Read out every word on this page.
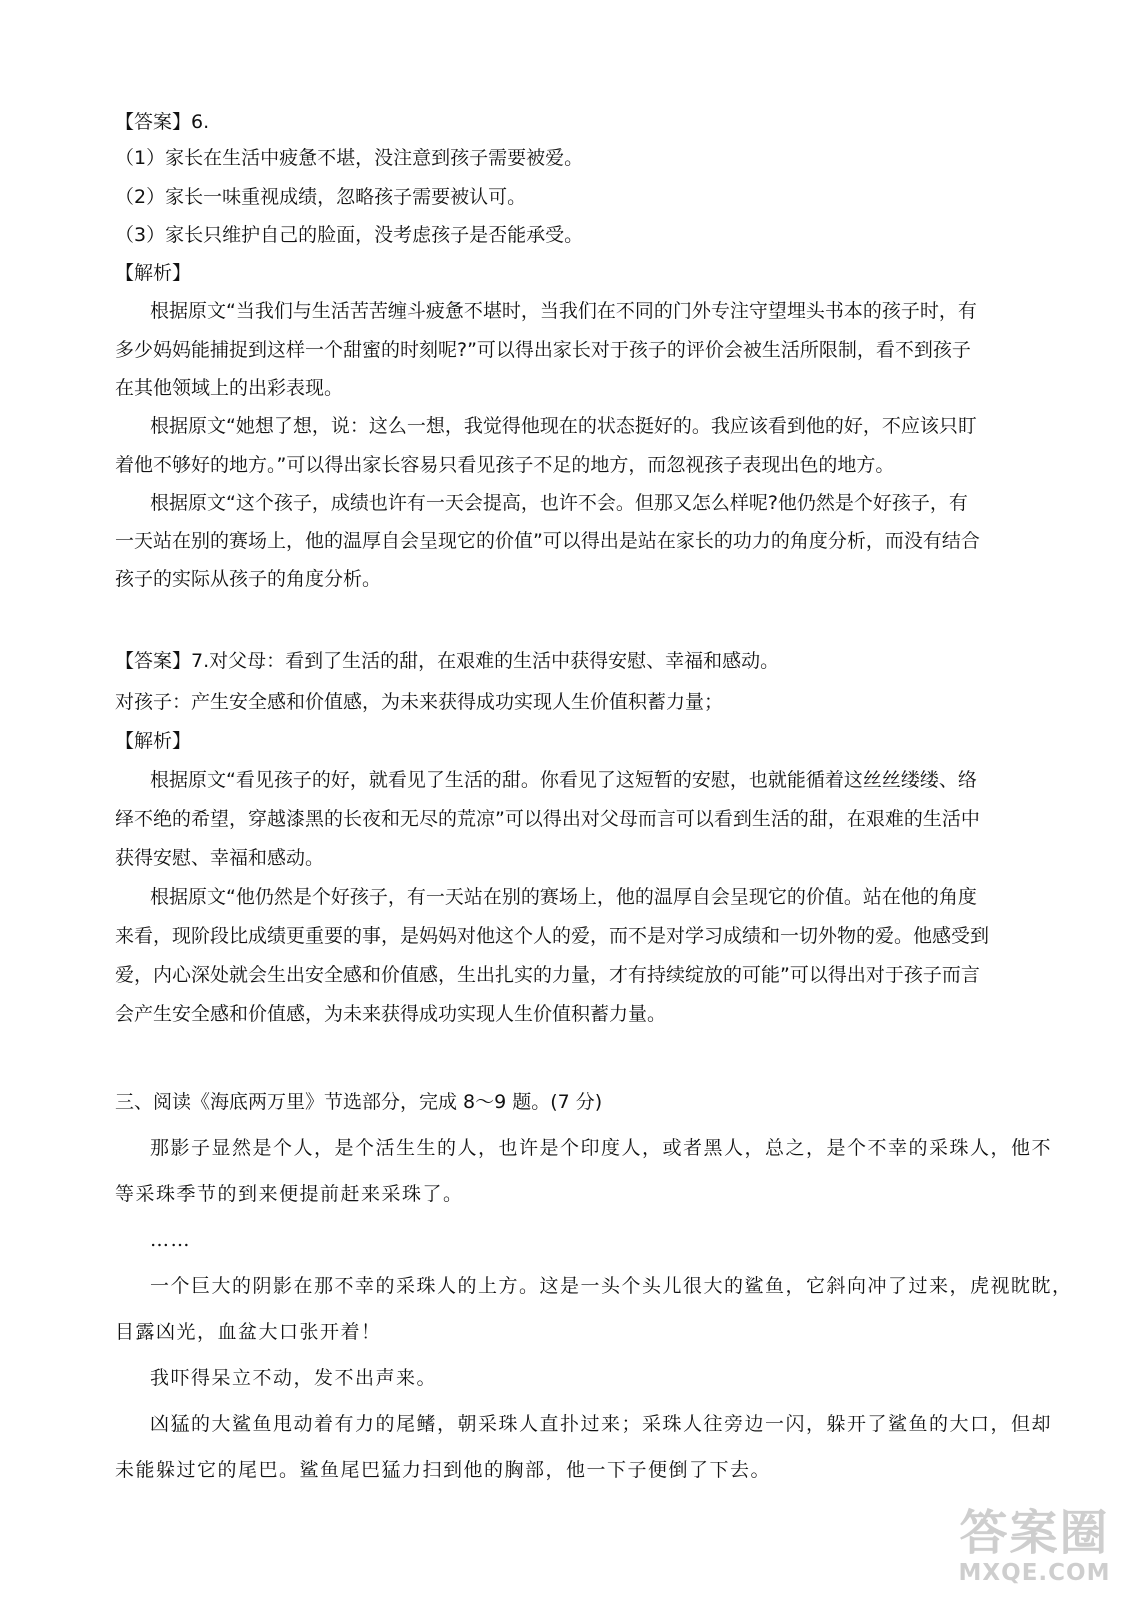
【答案】6.
（1）家长在生活中疲惫不堪，没注意到孩子需要被爱。
（2）家长一味重视成绩，忽略孩子需要被认可。
（3）家长只维护自己的脸面，没考虑孩子是否能承受。
【解析】
根据原文“当我们与生活苦苦缠斗疲惫不堪时，当我们在不同的门外专注守望埋头书本的孩子时，有
多少妈妈能捕捉到这样一个甜蜜的时刻呢?”可以得出家长对于孩子的评价会被生活所限制，看不到孩子
在其他领域上的出彩表现。
根据原文“她想了想，说：这么一想，我觉得他现在的状态挺好的。我应该看到他的好，不应该只盯
着他不够好的地方。”可以得出家长容易只看见孩子不足的地方，而忽视孩子表现出色的地方。
根据原文“这个孩子，成绩也许有一天会提高，也许不会。但那又怎么样呢?他仍然是个好孩子，有
一天站在别的赛场上，他的温厚自会呈现它的价值”可以得出是站在家长的功力的角度分析，而没有结合
孩子的实际从孩子的角度分析。
【答案】7.对父母：看到了生活的甜，在艰难的生活中获得安慰、幸福和感动。
对孩子：产生安全感和价值感，为未来获得成功实现人生价值积蓄力量；
【解析】
根据原文“看见孩子的好，就看见了生活的甜。你看见了这短暂的安慰，也就能循着这丝丝缕缕、络
绎不绝的希望，穿越漆黑的长夜和无尽的荒凉”可以得出对父母而言可以看到生活的甜，在艰难的生活中
获得安慰、幸福和感动。
根据原文“他仍然是个好孩子，有一天站在别的赛场上，他的温厚自会呈现它的价值。站在他的角度
来看，现阶段比成绩更重要的事，是妈妈对他这个人的爱，而不是对学习成绩和一切外物的爱。他感受到
爱，内心深处就会生出安全感和价值感，生出扎实的力量，才有持续绽放的可能”可以得出对于孩子而言
会产生安全感和价值感，为未来获得成功实现人生价值积蓄力量。
三、阅读《海底两万里》节选部分，完成 8～9 题。(7 分)
那影子显然是个人，是个活生生的人，也许是个印度人，或者黑人，总之，是个不幸的采珠人，他不
等采珠季节的到来便提前赶来采珠了。
……
一个巨大的阴影在那不幸的采珠人的上方。这是一头个头儿很大的鲨鱼，它斜向冲了过来，虎视眈眈，
目露凶光，血盆大口张开着！
我吓得呆立不动，发不出声来。
凶猛的大鲨鱼甩动着有力的尾鳍，朝采珠人直扑过来；采珠人往旁边一闪，躲开了鲨鱼的大口，但却
未能躲过它的尾巴。鲨鱼尾巴猛力扫到他的胸部，他一下子便倒了下去。
答案圈
MXQE.COM
